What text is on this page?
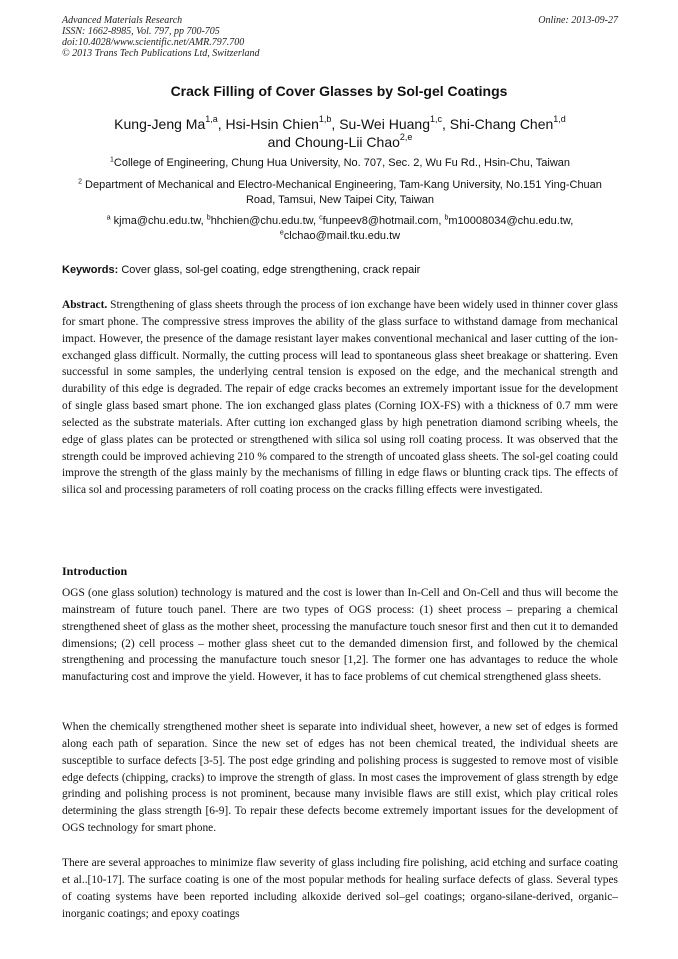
Advanced Materials Research
ISSN: 1662-8985, Vol. 797, pp 700-705
doi:10.4028/www.scientific.net/AMR.797.700
© 2013 Trans Tech Publications Ltd, Switzerland
Online: 2013-09-27
Crack Filling of Cover Glasses by Sol-gel Coatings
Kung-Jeng Ma$^{1,a}$, Hsi-Hsin Chien$^{1,b}$, Su-Wei Huang$^{1,c}$, Shi-Chang Chen$^{1,d}$
and Choung-Lii Chao$^{2,e}$
$^1$College of Engineering, Chung Hua University, No. 707, Sec. 2, Wu Fu Rd., Hsin-Chu, Taiwan
$^2$ Department of Mechanical and Electro-Mechanical Engineering, Tam-Kang University, No.151 Ying-Chuan Road, Tamsui, New Taipei City, Taiwan
$^a$ kjma@chu.edu.tw, $^b$hhchien@chu.edu.tw, $^c$funpeev8@hotmail.com, $^b$m10008034@chu.edu.tw,
$^e$clchao@mail.tku.edu.tw
Keywords: Cover glass, sol-gel coating, edge strengthening, crack repair

Abstract. Strengthening of glass sheets through the process of ion exchange have been widely used in thinner cover glass for smart phone. The compressive stress improves the ability of the glass surface to withstand damage from mechanical impact. However, the presence of the damage resistant layer makes conventional mechanical and laser cutting of the ion-exchanged glass difficult. Normally, the cutting process will lead to spontaneous glass sheet breakage or shattering. Even successful in some samples, the underlying central tension is exposed on the edge, and the mechanical strength and durability of this edge is degraded. The repair of edge cracks becomes an extremely important issue for the development of single glass based smart phone. The ion exchanged glass plates (Corning IOX-FS) with a thickness of 0.7 mm were selected as the substrate materials. After cutting ion exchanged glass by high penetration diamond scribing wheels, the edge of glass plates can be protected or strengthened with silica sol using roll coating process. It was observed that the strength could be improved achieving 210 % compared to the strength of uncoated glass sheets. The sol-gel coating could improve the strength of the glass mainly by the mechanisms of filling in edge flaws or blunting crack tips. The effects of silica sol and processing parameters of roll coating process on the cracks filling effects were investigated.

Introduction

OGS (one glass solution) technology is matured and the cost is lower than In-Cell and On-Cell and thus will become the mainstream of future touch panel. There are two types of OGS process: (1) sheet process – preparing a chemical strengthened sheet of glass as the mother sheet, processing the manufacture touch snesor first and then cut it to demanded dimensions; (2) cell process – mother glass sheet cut to the demanded dimension first, and followed by the chemical strengthening and processing the manufacture touch snesor [1,2]. The former one has advantages to reduce the whole manufacturing cost and improve the yield. However, it has to face problems of cut chemical strengthened glass sheets.

When the chemically strengthened mother sheet is separate into individual sheet, however, a new set of edges is formed along each path of separation. Since the new set of edges has not been chemical treated, the individual sheets are susceptible to surface defects [3-5]. The post edge grinding and polishing process is suggested to remove most of visible edge defects (chipping, cracks) to improve the strength of glass. In most cases the improvement of glass strength by edge grinding and polishing process is not prominent, because many invisible flaws are still exist, which play critical roles determining the glass strength [6-9]. To repair these defects become extremely important issues for the development of OGS technology for smart phone.

There are several approaches to minimize flaw severity of glass including fire polishing, acid etching and surface coating et al..[10-17]. The surface coating is one of the most popular methods for healing surface defects of glass. Several types of coating systems have been reported including alkoxide derived sol–gel coatings; organo-silane-derived, organic–inorganic coatings; and epoxy coatings
